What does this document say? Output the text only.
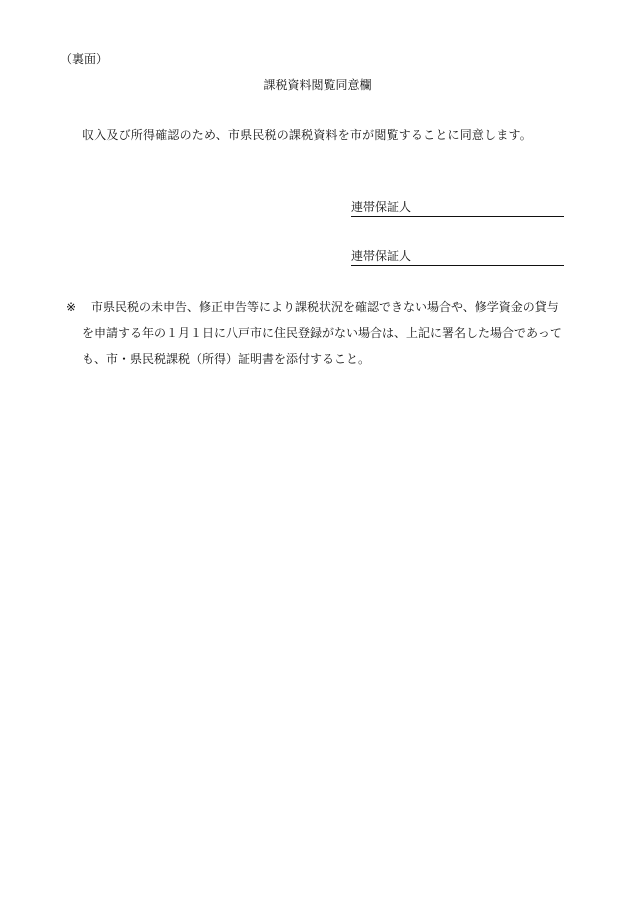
（裏面）
課税資料閲覧同意欄
収入及び所得確認のため、市県民税の課税資料を市が閲覧することに同意します。
連帯保証人
連帯保証人
※	市県民税の未申告、修正申告等により課税状況を確認できない場合や、修学資金の貸与
を申請する年の１月１日に八戸市に住民登録がない場合は、上記に署名した場合であって
も、市・県民税課税（所得）証明書を添付すること。
